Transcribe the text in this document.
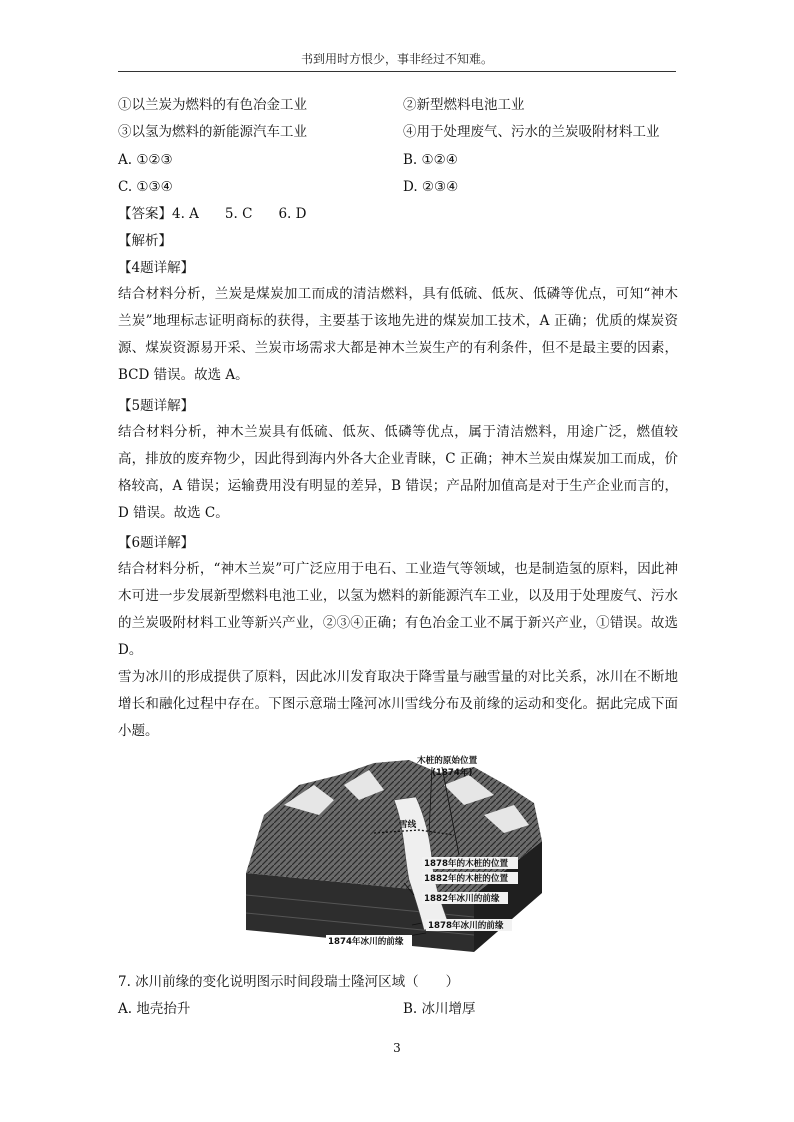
书到用时方恨少，事非经过不知难。
①以兰炭为燃料的有色冶金工业	②新型燃料电池工业
③以氢为燃料的新能源汽车工业	④用于处理废气、污水的兰炭吸附材料工业
A. ①②③	B. ①②④
C. ①③④	D. ②③④
【答案】4. A 5. C 6. D
【解析】
【4题详解】
结合材料分析，兰炭是煤炭加工而成的清洁燃料，具有低硫、低灰、低磷等优点，可知“神木兰炭”地理标志证明商标的获得，主要基于该地先进的煤炭加工技术，A 正确；优质的煤炭资源、煤炭资源易开采、兰炭市场需求大都是神木兰炭生产的有利条件，但不是最主要的因素，BCD 错误。故选 A。
【5题详解】
结合材料分析，神木兰炭具有低硫、低灰、低磷等优点，属于清洁燃料，用途广泛，燃值较高，排放的废弃物少，因此得到海内外各大企业青睐，C 正确；神木兰炭由煤炭加工而成，价格较高，A 错误；运输费用没有明显的差异，B 错误；产品附加值高是对于生产企业而言的，D 错误。故选 C。
【6题详解】
结合材料分析，“神木兰炭”可广泛应用于电石、工业造气等领域，也是制造氢的原料，因此神木可进一步发展新型燃料电池工业，以氢为燃料的新能源汽车工业，以及用于处理废气、污水的兰炭吸附材料工业等新兴产业，②③④正确；有色冶金工业不属于新兴产业，①错误。故选 D。
雪为冰川的形成提供了原料，因此冰川发育取决于降雪量与融雪量的对比关系，冰川在不断地增长和融化过程中存在。下图示意瑞士隆河冰川雪线分布及前缘的运动和变化。据此完成下面小题。
木桩的原始位置
(1874年)
雪线
1878年的木桩的位置
1882年的木桩的位置
1882年冰川的前缘
1878年冰川的前缘
1874年冰川的前缘
7. 冰川前缘的变化说明图示时间段瑞士隆河区域（　　）
A. 地壳抬升	B. 冰川增厚
3
